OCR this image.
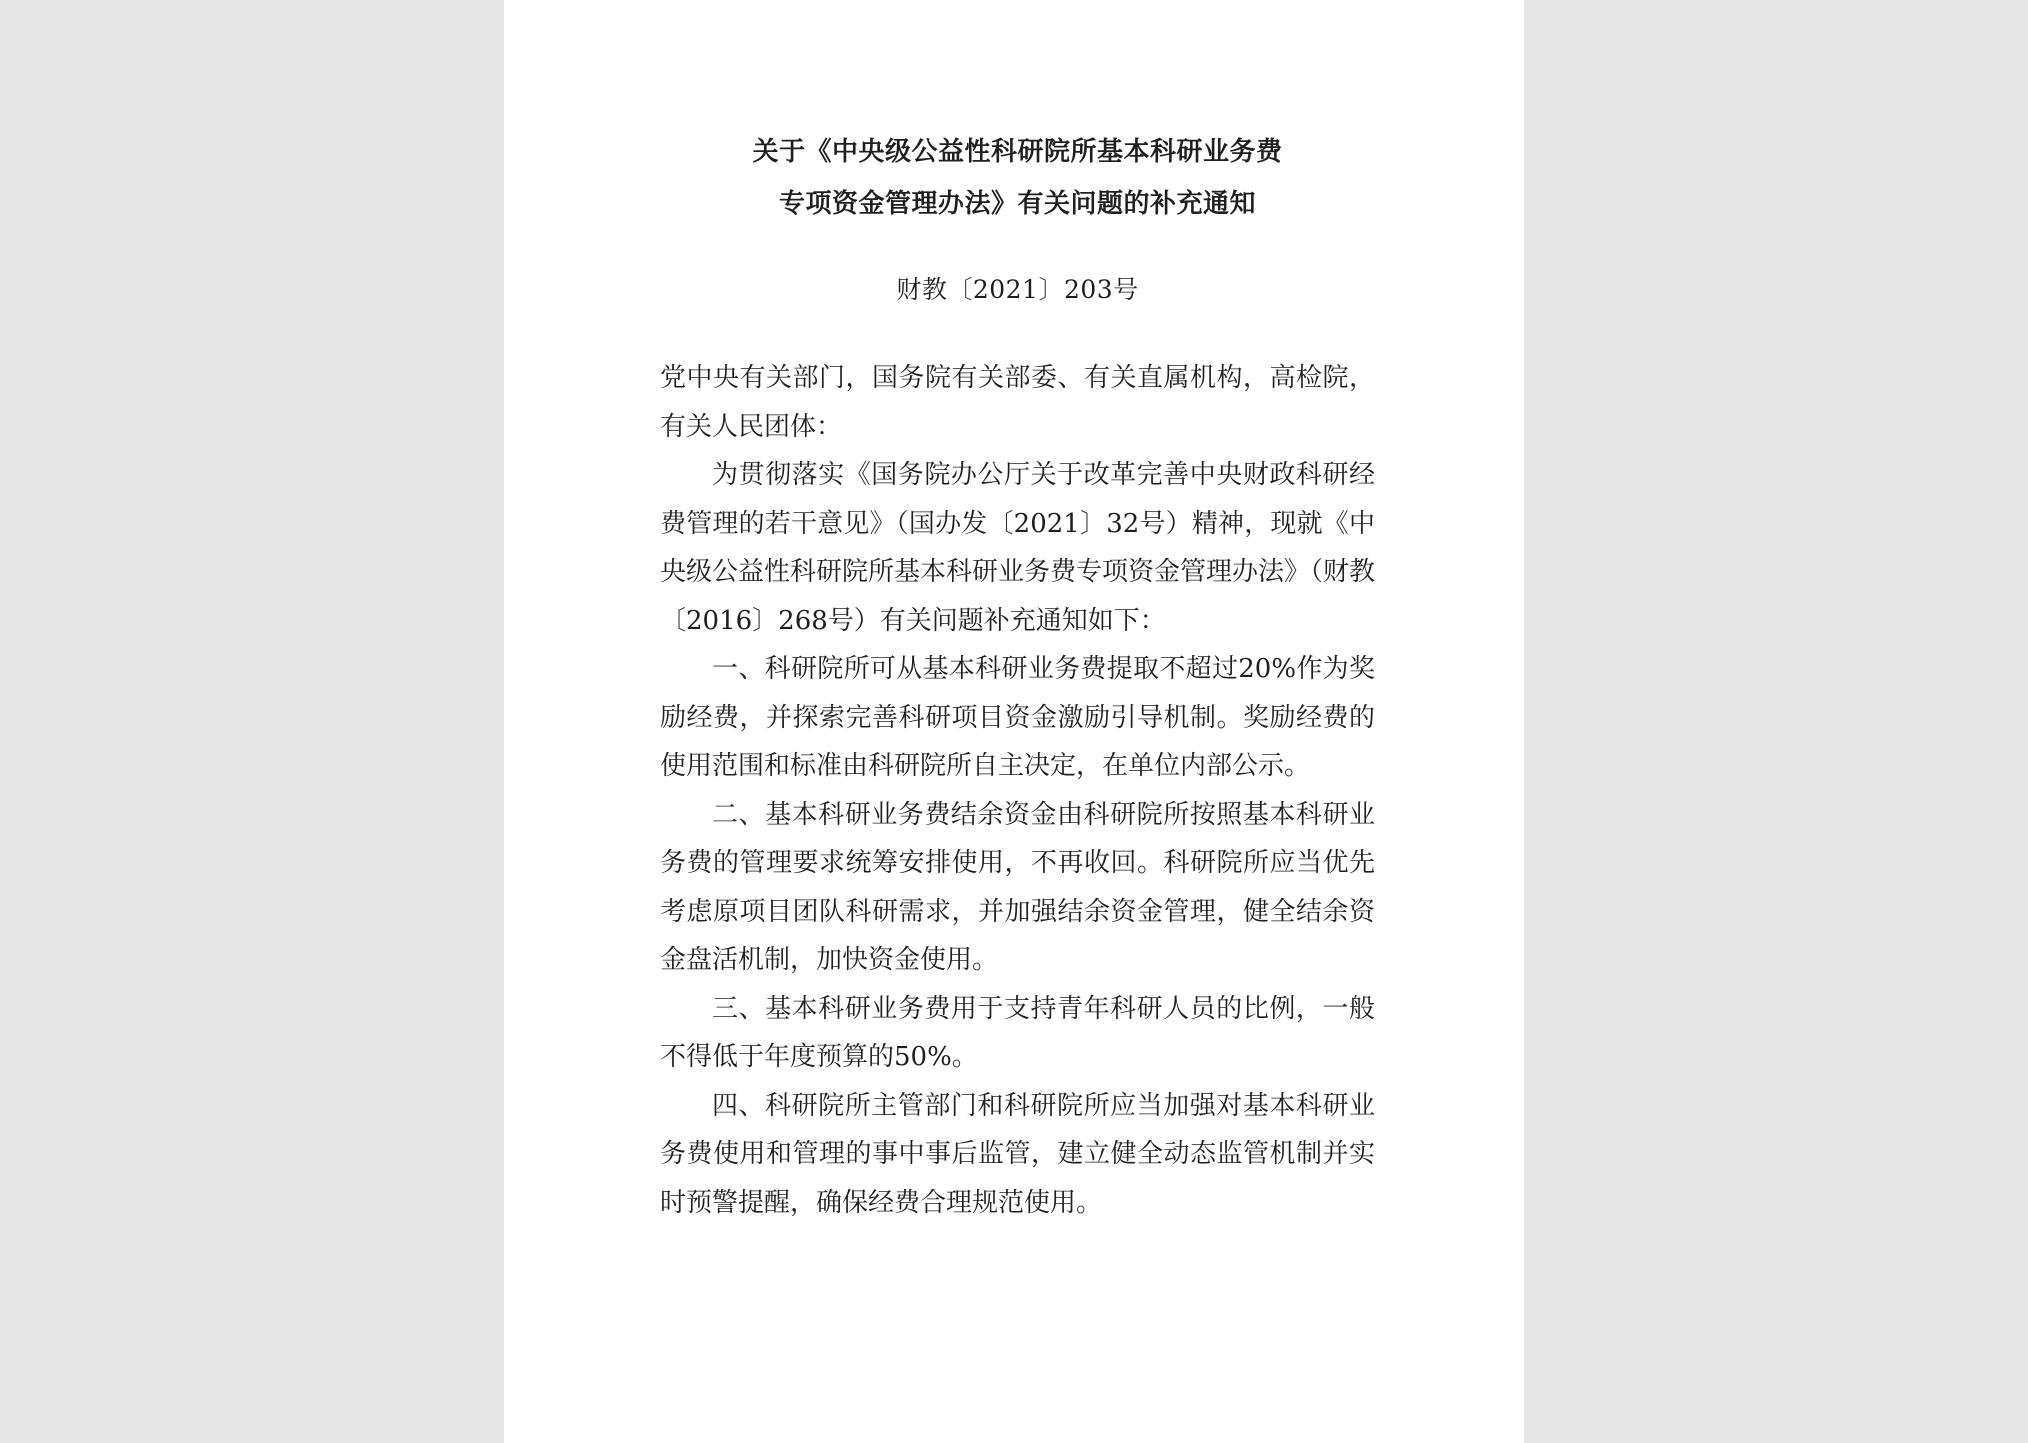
关于《中央级公益性科研院所基本科研业务费
专项资金管理办法》有关问题的补充通知
财教〔2021〕203号

党中央有关部门，国务院有关部委、有关直属机构，高检院，有关人民团体：

为贯彻落实《国务院办公厅关于改革完善中央财政科研经费管理的若干意见》（国办发〔2021〕32号）精神，现就《中央级公益性科研院所基本科研业务费专项资金管理办法》（财教〔2016〕268号）有关问题补充通知如下：

一、科研院所可从基本科研业务费提取不超过20%作为奖励经费，并探索完善科研项目资金激励引导机制。奖励经费的使用范围和标准由科研院所自主决定，在单位内部公示。

二、基本科研业务费结余资金由科研院所按照基本科研业务费的管理要求统筹安排使用，不再收回。科研院所应当优先考虑原项目团队科研需求，并加强结余资金管理，健全结余资金盘活机制，加快资金使用。

三、基本科研业务费用于支持青年科研人员的比例，一般不得低于年度预算的50%。

四、科研院所主管部门和科研院所应当加强对基本科研业务费使用和管理的事中事后监管，建立健全动态监管机制并实时预警提醒，确保经费合理规范使用。
